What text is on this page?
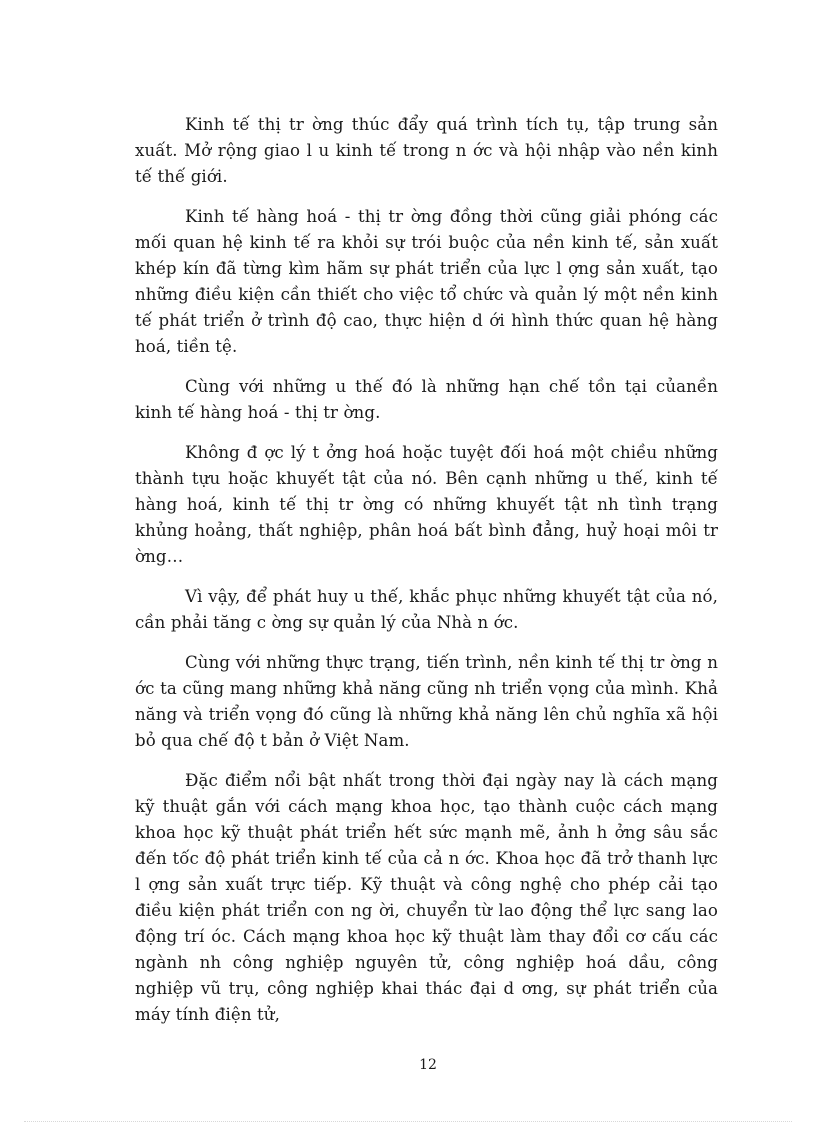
Kinh tế thị tr ờng thúc đẩy quá trình tích tụ, tập trung sản xuất. Mở rộng giao l u kinh tế trong n ớc và hội nhập vào nền kinh tế thế giới.

Kinh tế hàng hoá - thị tr ờng đồng thời cũng giải phóng các mối quan hệ kinh tế ra khỏi sự trói buộc của nền kinh tế, sản xuất khép kín đã từng kìm hãm sự phát triển của lực l ợng sản xuất, tạo những điều kiện cần thiết cho việc tổ chức và quản lý một nền kinh tế phát triển ở trình độ cao, thực hiện d ới hình thức quan hệ hàng hoá, tiền tệ.

Cùng với những u thế đó là những hạn chế tồn tại củanền kinh tế hàng hoá - thị tr ờng.

Không đ ợc lý t ởng hoá hoặc tuyệt đối hoá một chiều những thành tựu hoặc khuyết tật của nó. Bên cạnh những u thế, kinh tế hàng hoá, kinh tế thị tr ờng có những khuyết tật nh tình trạng khủng hoảng, thất nghiệp, phân hoá bất bình đẳng, huỷ hoại môi tr ờng…

Vì vậy, để phát huy u thế, khắc phục những khuyết tật của nó, cần phải tăng c ờng sự quản lý của Nhà n ớc.

Cùng với những thực trạng, tiến trình, nền kinh tế thị tr ờng n ớc ta cũng mang những khả năng cũng nh triển vọng của mình. Khả năng và triển vọng đó cũng là những khả năng lên chủ nghĩa xã hội bỏ qua chế độ t bản ở Việt Nam.

Đặc điểm nổi bật nhất trong thời đại ngày nay là cách mạng kỹ thuật gắn với cách mạng khoa học, tạo thành cuộc cách mạng khoa học kỹ thuật phát triển hết sức mạnh mẽ, ảnh h ởng sâu sắc đến tốc độ phát triển kinh tế của cả n ớc. Khoa học đã trở thanh lực l ợng sản xuất trực tiếp. Kỹ thuật và công nghệ cho phép cải tạo điều kiện phát triển con ng ời, chuyển từ lao động thể lực sang lao động trí óc. Cách mạng khoa học kỹ thuật làm thay đổi cơ cấu các ngành nh công nghiệp nguyên tử, công nghiệp hoá dầu, công nghiệp vũ trụ, công nghiệp khai thác đại d ơng, sự phát triển của máy tính điện tử,

12
